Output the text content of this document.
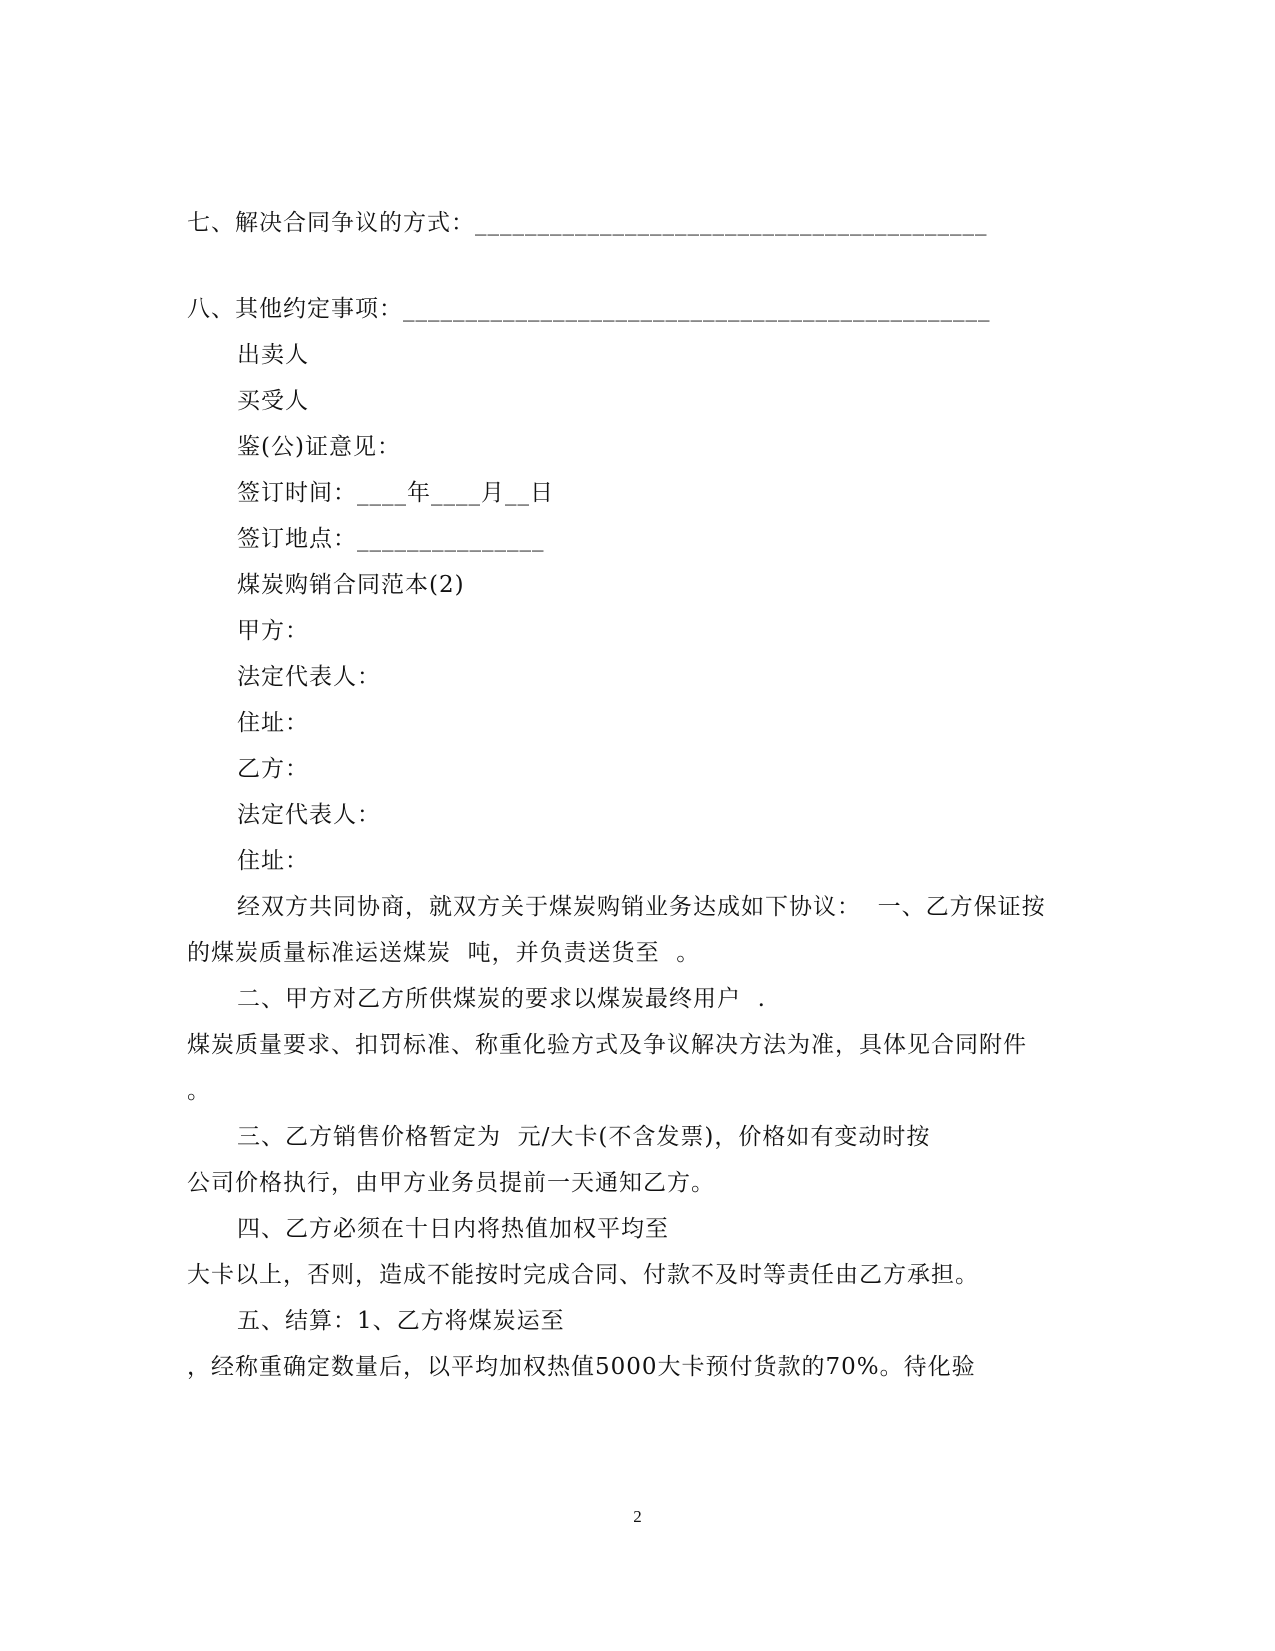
七、解决合同争议的方式：_________________________________________
八、其他约定事项：_______________________________________________
出卖人
买受人
鉴(公)证意见：
签订时间：____年____月__日
签订地点：_______________
煤炭购销合同范本(2)
甲方：
法定代表人：
住址：
乙方：
法定代表人：
住址：
经双方共同协商，就双方关于煤炭购销业务达成如下协议：  一、乙方保证按
的煤炭质量标准运送煤炭  吨，并负责送货至  。
二、甲方对乙方所供煤炭的要求以煤炭最终用户  .
煤炭质量要求、扣罚标准、称重化验方式及争议解决方法为准，具体见合同附件
。
三、乙方销售价格暂定为  元/大卡(不含发票)，价格如有变动时按
公司价格执行，由甲方业务员提前一天通知乙方。
四、乙方必须在十日内将热值加权平均至
大卡以上，否则，造成不能按时完成合同、付款不及时等责任由乙方承担。
五、结算：1、乙方将煤炭运至
，经称重确定数量后，以平均加权热值5000大卡预付货款的70%。待化验
2
